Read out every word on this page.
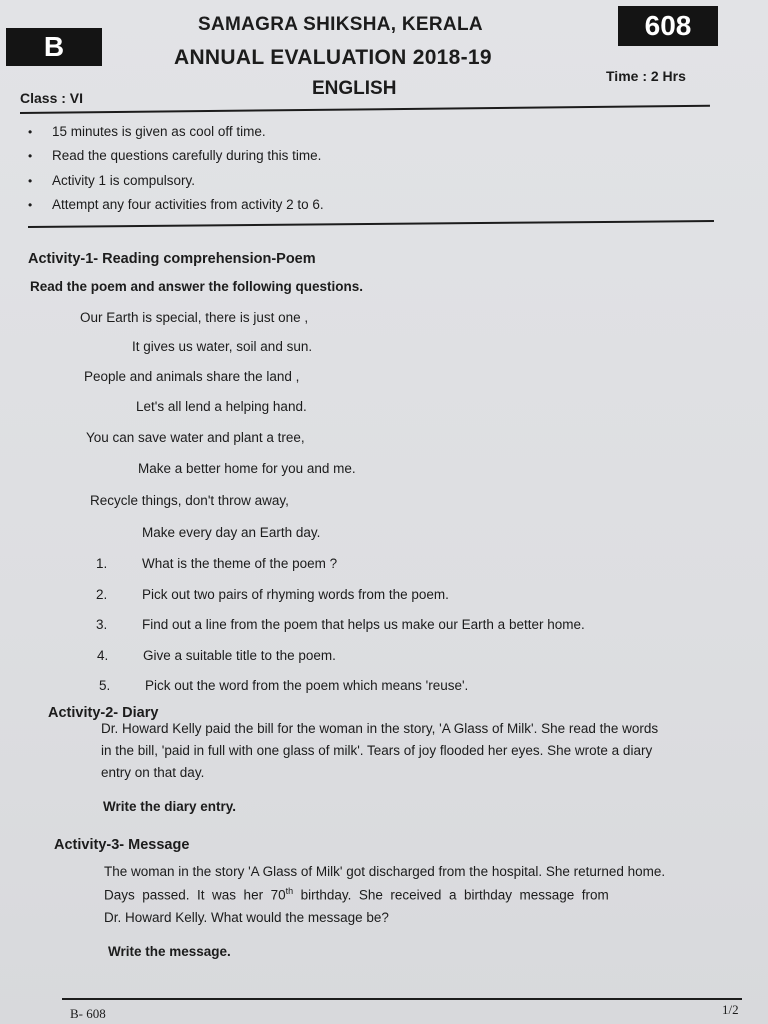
B
608
SAMAGRA SHIKSHA, KERALA
ANNUAL EVALUATION 2018-19
ENGLISH
Class : VI
Time : 2 Hrs
• 15 minutes is given as cool off time.
• Read the questions carefully during this time.
• Activity 1 is compulsory.
• Attempt any four activities from activity 2 to 6.
Activity-1- Reading comprehension-Poem
Read the poem and answer the following questions.
Our Earth is special, there is just one ,
It gives us water, soil and sun.
People and animals share the land ,
Let's all lend a helping hand.
You can save water and plant a tree,
Make a better home for you and me.
Recycle things, don't throw away,
Make every day an Earth day.
1.	What is the theme of the poem ?
2.	Pick out two pairs of rhyming words from the poem.
3.	Find out a line from the poem that helps us make our Earth a better home.
4.	Give a suitable title to the poem.
5.	Pick out the word from the poem which means 'reuse'.
Activity-2- Diary
Dr. Howard Kelly paid the bill for the woman in the story, 'A Glass of Milk'. She read the words
in the bill, 'paid in full with one glass of milk'. Tears of joy flooded her eyes. She wrote a diary
entry on that day.
Write the diary entry.
Activity-3- Message
The woman in the story 'A Glass of Milk' got discharged from the hospital. She returned home.
Days  passed.  It  was  her  70th  birthday.  She  received  a  birthday  message  from
Dr. Howard Kelly. What would the message be?
Write the message.
B- 608	1/2
